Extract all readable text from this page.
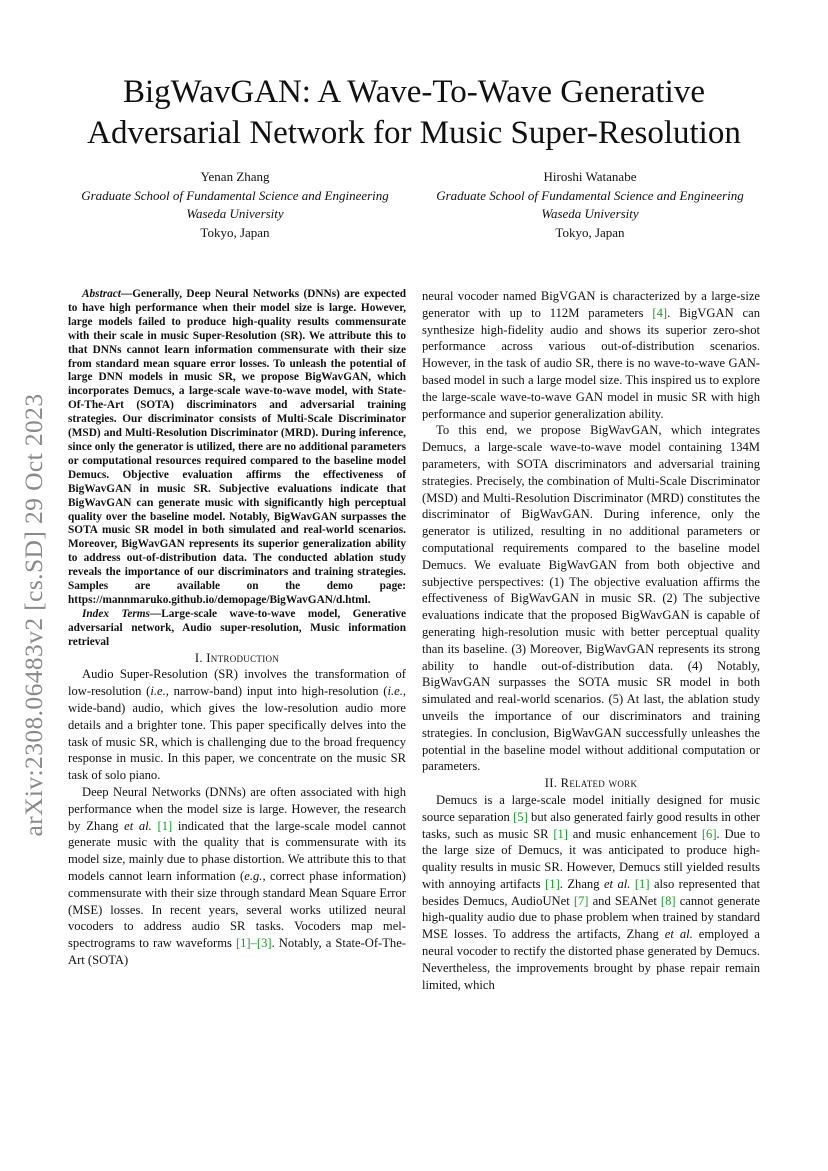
arXiv:2308.06483v2 [cs.SD] 29 Oct 2023
BigWavGAN: A Wave-To-Wave Generative
Adversarial Network for Music Super-Resolution
Yenan Zhang
Graduate School of Fundamental Science and Engineering
Waseda University
Tokyo, Japan
Hiroshi Watanabe
Graduate School of Fundamental Science and Engineering
Waseda University
Tokyo, Japan

Abstract—Generally, Deep Neural Networks (DNNs) are expected to have high performance when their model size is large. However, large models failed to produce high-quality results commensurate with their scale in music Super-Resolution (SR). We attribute this to that DNNs cannot learn information commensurate with their size from standard mean square error losses. To unleash the potential of large DNN models in music SR, we propose BigWavGAN, which incorporates Demucs, a large-scale wave-to-wave model, with State-Of-The-Art (SOTA) discriminators and adversarial training strategies. Our discriminator consists of Multi-Scale Discriminator (MSD) and Multi-Resolution Discriminator (MRD). During inference, since only the generator is utilized, there are no additional parameters or computational resources required compared to the baseline model Demucs. Objective evaluation affirms the effectiveness of BigWavGAN in music SR. Subjective evaluations indicate that BigWavGAN can generate music with significantly high perceptual quality over the baseline model. Notably, BigWavGAN surpasses the SOTA music SR model in both simulated and real-world scenarios. Moreover, BigWavGAN represents its superior generalization ability to address out-of-distribution data. The conducted ablation study reveals the importance of our discriminators and training strategies. Samples are available on the demo page: https://mannmaruko.github.io/demopage/BigWavGAN/d.html.

Index Terms—Large-scale wave-to-wave model, Generative adversarial network, Audio super-resolution, Music information retrieval

I. Introduction

Audio Super-Resolution (SR) involves the transformation of low-resolution (i.e., narrow-band) input into high-resolution (i.e., wide-band) audio, which gives the low-resolution audio more details and a brighter tone. This paper specifically delves into the task of music SR, which is challenging due to the broad frequency response in music. In this paper, we concentrate on the music SR task of solo piano.

Deep Neural Networks (DNNs) are often associated with high performance when the model size is large. However, the research by Zhang et al. [1] indicated that the large-scale model cannot generate music with the quality that is commensurate with its model size, mainly due to phase distortion. We attribute this to that models cannot learn information (e.g., correct phase information) commensurate with their size through standard Mean Square Error (MSE) losses. In recent years, several works utilized neural vocoders to address audio SR tasks. Vocoders map mel-spectrograms to raw waveforms [1]–[3]. Notably, a State-Of-The-Art (SOTA)

neural vocoder named BigVGAN is characterized by a large-size generator with up to 112M parameters [4]. BigVGAN can synthesize high-fidelity audio and shows its superior zero-shot performance across various out-of-distribution scenarios. However, in the task of audio SR, there is no wave-to-wave GAN-based model in such a large model size. This inspired us to explore the large-scale wave-to-wave GAN model in music SR with high performance and superior generalization ability.

To this end, we propose BigWavGAN, which integrates Demucs, a large-scale wave-to-wave model containing 134M parameters, with SOTA discriminators and adversarial training strategies. Precisely, the combination of Multi-Scale Discriminator (MSD) and Multi-Resolution Discriminator (MRD) constitutes the discriminator of BigWavGAN. During inference, only the generator is utilized, resulting in no additional parameters or computational requirements compared to the baseline model Demucs. We evaluate BigWavGAN from both objective and subjective perspectives: (1) The objective evaluation affirms the effectiveness of BigWavGAN in music SR. (2) The subjective evaluations indicate that the proposed BigWavGAN is capable of generating high-resolution music with better perceptual quality than its baseline. (3) Moreover, BigWavGAN represents its strong ability to handle out-of-distribution data. (4) Notably, BigWavGAN surpasses the SOTA music SR model in both simulated and real-world scenarios. (5) At last, the ablation study unveils the importance of our discriminators and training strategies. In conclusion, BigWavGAN successfully unleashes the potential in the baseline model without additional computation or parameters.

II. Related work

Demucs is a large-scale model initially designed for music source separation [5] but also generated fairly good results in other tasks, such as music SR [1] and music enhancement [6]. Due to the large size of Demucs, it was anticipated to produce high-quality results in music SR. However, Demucs still yielded results with annoying artifacts [1]. Zhang et al. [1] also represented that besides Demucs, AudioUNet [7] and SEANet [8] cannot generate high-quality audio due to phase problem when trained by standard MSE losses. To address the artifacts, Zhang et al. employed a neural vocoder to rectify the distorted phase generated by Demucs. Nevertheless, the improvements brought by phase repair remain limited, which
